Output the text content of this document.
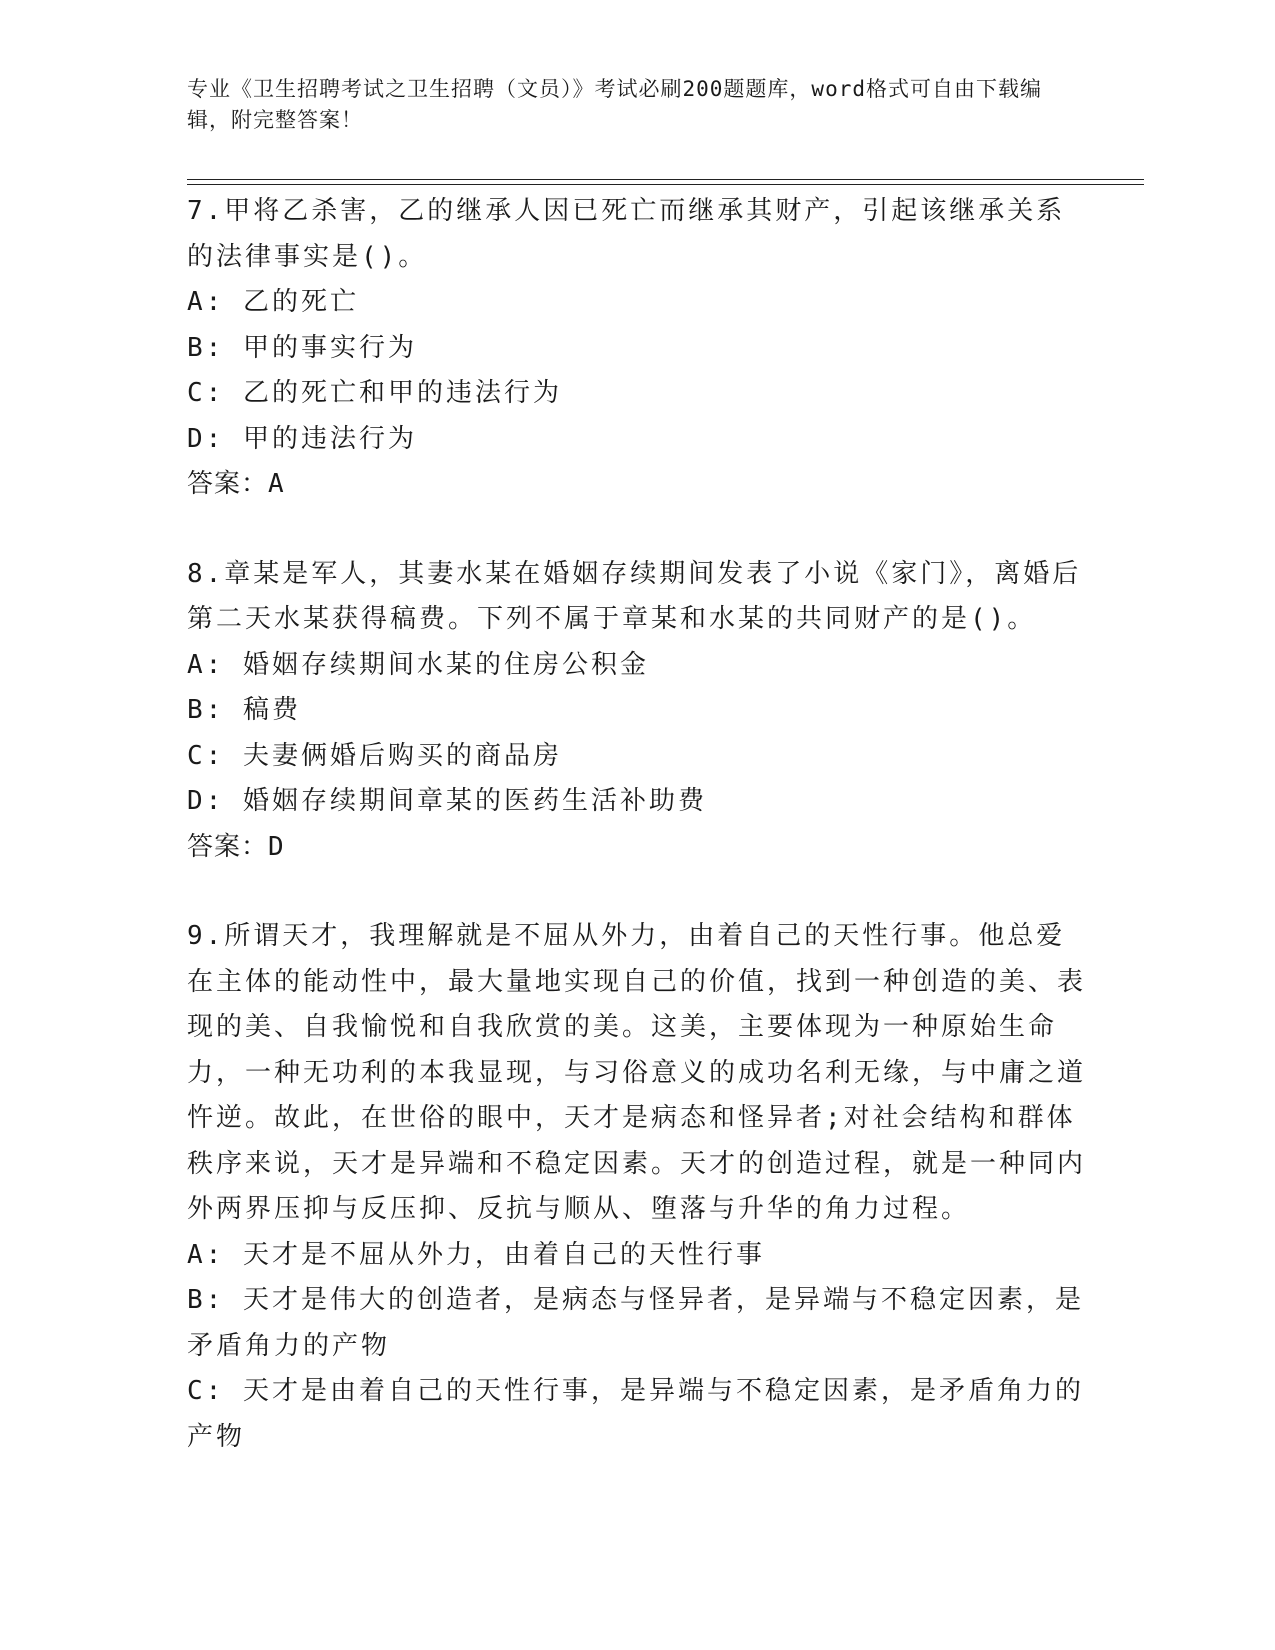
专业《卫生招聘考试之卫生招聘（文员）》考试必刷200题题库，word格式可自由下载编辑，附完整答案！
7.甲将乙杀害，乙的继承人因已死亡而继承其财产，引起该继承关系的法律事实是()。
A: 乙的死亡
B: 甲的事实行为
C: 乙的死亡和甲的违法行为
D: 甲的违法行为
答案：A
8.章某是军人，其妻水某在婚姻存续期间发表了小说《家门》，离婚后第二天水某获得稿费。下列不属于章某和水某的共同财产的是()。
A: 婚姻存续期间水某的住房公积金
B: 稿费
C: 夫妻俩婚后购买的商品房
D: 婚姻存续期间章某的医药生活补助费
答案：D
9.所谓天才，我理解就是不屈从外力，由着自己的天性行事。他总爱在主体的能动性中，最大量地实现自己的价值，找到一种创造的美、表现的美、自我愉悦和自我欣赏的美。这美，主要体现为一种原始生命力，一种无功利的本我显现，与习俗意义的成功名利无缘，与中庸之道忤逆。故此，在世俗的眼中，天才是病态和怪异者;对社会结构和群体秩序来说，天才是异端和不稳定因素。天才的创造过程，就是一种同内外两界压抑与反压抑、反抗与顺从、堕落与升华的角力过程。
A: 天才是不屈从外力，由着自己的天性行事
B: 天才是伟大的创造者，是病态与怪异者，是异端与不稳定因素，是矛盾角力的产物
C: 天才是由着自己的天性行事，是异端与不稳定因素，是矛盾角力的产物
